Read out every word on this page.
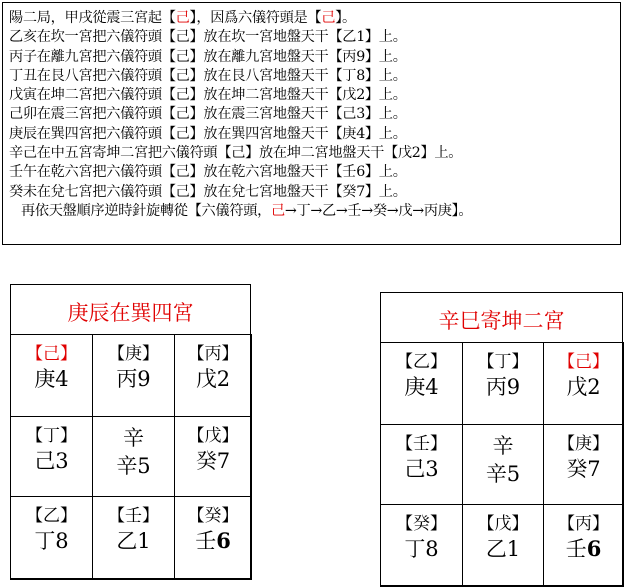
陽二局，甲戌從震三宮起【己】，因爲六儀符頭是【己】。
乙亥在坎一宮把六儀符頭【己】放在坎一宮地盤天干【乙1】上。
丙子在離九宮把六儀符頭【己】放在離九宮地盤天干【丙9】上。
丁丑在艮八宮把六儀符頭【己】放在艮八宮地盤天干【丁8】上。
戊寅在坤二宮把六儀符頭【己】放在坤二宮地盤天干【戊2】上。
己卯在震三宮把六儀符頭【己】放在震三宮地盤天干【己3】上。
庚辰在巽四宮把六儀符頭【己】放在巽四宮地盤天干【庚4】上。
辛己在中五宮寄坤二宮把六儀符頭【己】放在坤二宮地盤天干【戊2】上。
壬午在乾六宮把六儀符頭【己】放在乾六宮地盤天干【壬6】上。
癸未在兌七宮把六儀符頭【己】放在兌七宮地盤天干【癸7】上。
再依天盤順序逆時針旋轉從【六儀符頭，己→丁→乙→壬→癸→戊→丙庚】。
庚辰在巽四宮
【己】
庚4
【庚】
丙9
【丙】
戊2
【丁】
己3
辛
辛5
【戊】
癸7
【乙】
丁8
【壬】
乙1
【癸】
壬6
辛巳寄坤二宮
【乙】
庚4
【丁】
丙9
【己】
戊2
【壬】
己3
辛
辛5
【庚】
癸7
【癸】
丁8
【戊】
乙1
【丙】
壬6
